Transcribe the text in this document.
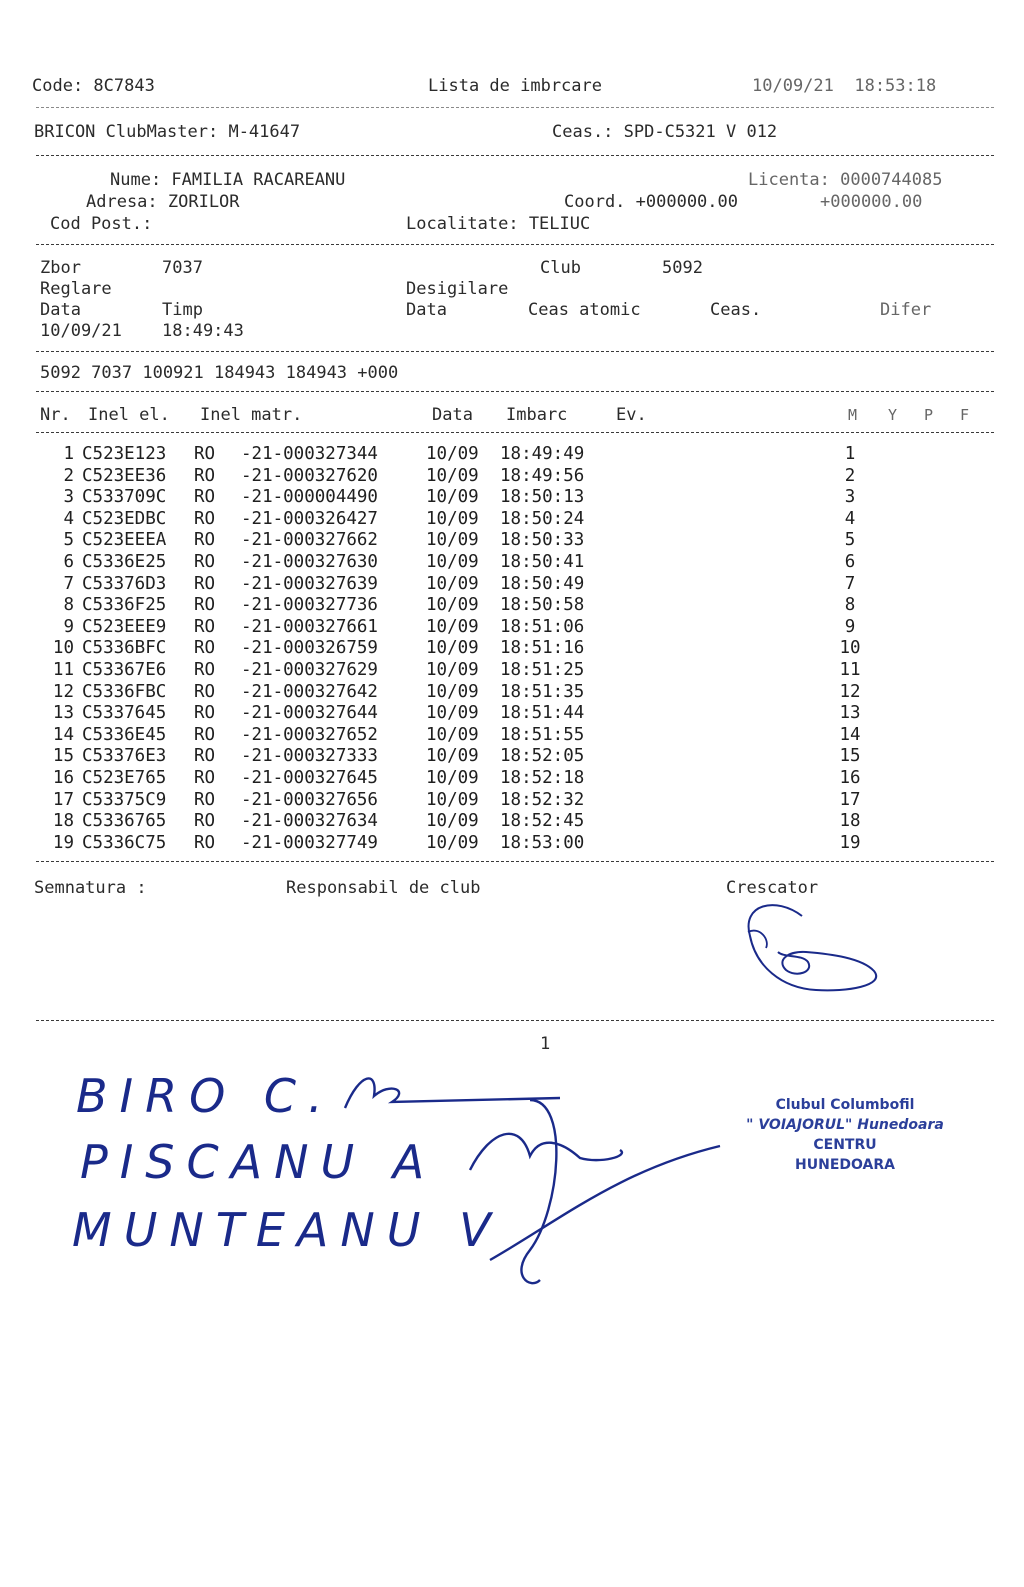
Code: 8C7843	Lista de imbrcare	10/09/21  18:53:18
BRICON ClubMaster: M-41647	Ceas.: SPD-C5321 V 012
Nume: FAMILIA RACAREANU	Licenta: 0000744085
Adresa: ZORILOR	Coord. +000000.00	+000000.00
Cod Post.:	Localitate: TELIUC
Zbor	7037	Club	5092
Reglare	Desigilare
Data	Timp	Data	Ceas atomic	Ceas.	Difer
10/09/21 18:49:43
5092 7037 100921 184943 184943 +000
Nr. Inel el. Inel matr.	Data Imbarc	Ev.	M Y P F
1	C523E123	RO	-21-000327344	10/09	18:49:49	1
2	C523EE36	RO	-21-000327620	10/09	18:49:56	2
3	C533709C	RO	-21-000004490	10/09	18:50:13	3
4	C523EDBC	RO	-21-000326427	10/09	18:50:24	4
5	C523EEEA	RO	-21-000327662	10/09	18:50:33	5
6	C5336E25	RO	-21-000327630	10/09	18:50:41	6
7	C53376D3	RO	-21-000327639	10/09	18:50:49	7
8	C5336F25	RO	-21-000327736	10/09	18:50:58	8
9	C523EEE9	RO	-21-000327661	10/09	18:51:06	9
10	C5336BFC	RO	-21-000326759	10/09	18:51:16	10
11	C53367E6	RO	-21-000327629	10/09	18:51:25	11
12	C5336FBC	RO	-21-000327642	10/09	18:51:35	12
13	C5337645	RO	-21-000327644	10/09	18:51:44	13
14	C5336E45	RO	-21-000327652	10/09	18:51:55	14
15	C53376E3	RO	-21-000327333	10/09	18:52:05	15
16	C523E765	RO	-21-000327645	10/09	18:52:18	16
17	C53375C9	RO	-21-000327656	10/09	18:52:32	17
18	C5336765	RO	-21-000327634	10/09	18:52:45	18
19	C5336C75	RO	-21-000327749	10/09	18:53:00	19
Semnatura :	Responsabil de club	Crescator
1
BIRO C.
PISCANU A
MUNTEANU V
Clubul Columbofil
" VOIAJORUL" Hunedoara
CENTRU
HUNEDOARA
